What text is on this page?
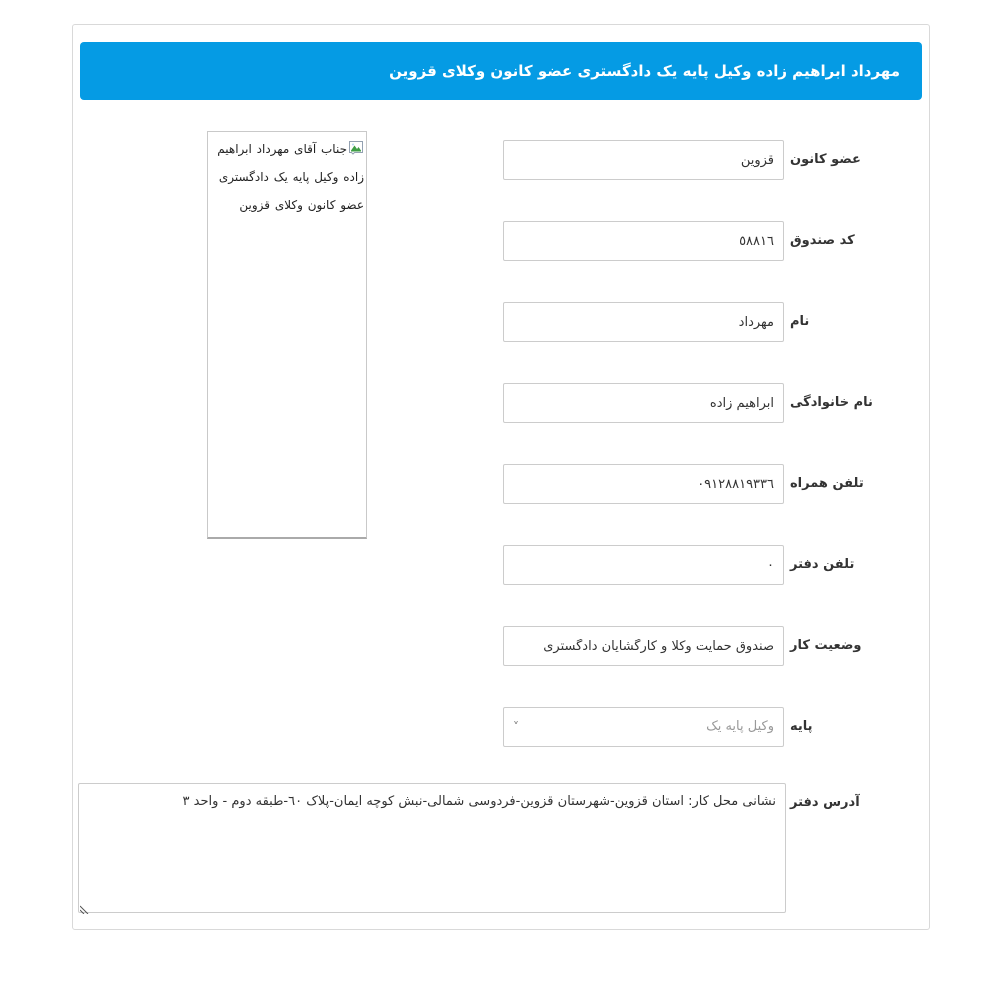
مهرداد ابراهیم زاده وکیل پایه یک دادگستری عضو کانون وکلای قزوین
جناب آقای مهرداد ابراهیم زاده وکیل پایه یک دادگستری عضو کانون وکلای قزوین
قزوین
عضو کانون
٥٨٨١٦
کد صندوق
مهرداد
نام
ابراهیم زاده
نام خانوادگی
٠٩١٢٨٨١٩٣٣٦
تلفن همراه
٠
تلفن دفتر
صندوق حمایت وکلا و کارگشایان دادگستری
وضعیت کار
وکیل پایه یک
˅	پایه
نشانی محل کار: استان قزوین-شهرستان قزوین-فردوسی شمالی-نبش کوچه ایمان-پلاک ٦٠-طبقه دوم - واحد ٣
آدرس دفتر
